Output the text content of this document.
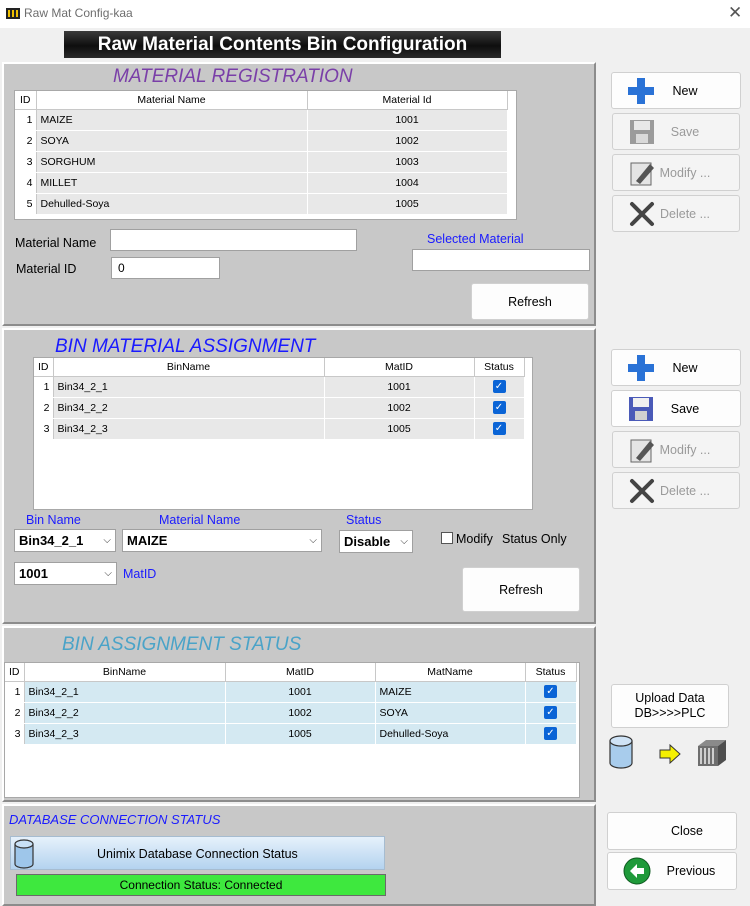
Raw Mat Config-kaa	✕
Raw Material Contents Bin Configuration
MATERIAL REGISTRATION
ID	Material Name	Material Id
1	MAIZE	1001
2	SOYA	1002
3	SORGHUM	1003
4	MILLET	1004
5	Dehulled-Soya	1005
Material Name
Material ID	0
Selected Material
Refresh
BIN MATERIAL ASSIGNMENT
ID	BinName	MatID	Status
1	Bin34_2_1	1001	✓
2	Bin34_2_2	1002	✓
3	Bin34_2_3	1005	✓
Bin Name	Material Name	Status
Bin34_2_1 ⌵ MAIZE	⌵ Disable ⌵	Modify Status Only
1001	⌵ MatID
Refresh
BIN ASSIGNMENT STATUS
ID	BinName	MatID	MatName	Status
1	Bin34_2_1	1001	MAIZE	✓
2	Bin34_2_2	1002	SOYA	✓
3	Bin34_2_3	1005	Dehulled-Soya	✓
DATABASE CONNECTION STATUS
Unimix Database Connection Status
Connection Status: Connected
New
Save
Modify ...
Delete ...
New
Save
Modify ...
Delete ...
Upload Data
DB>>>>PLC
Close
Previous
